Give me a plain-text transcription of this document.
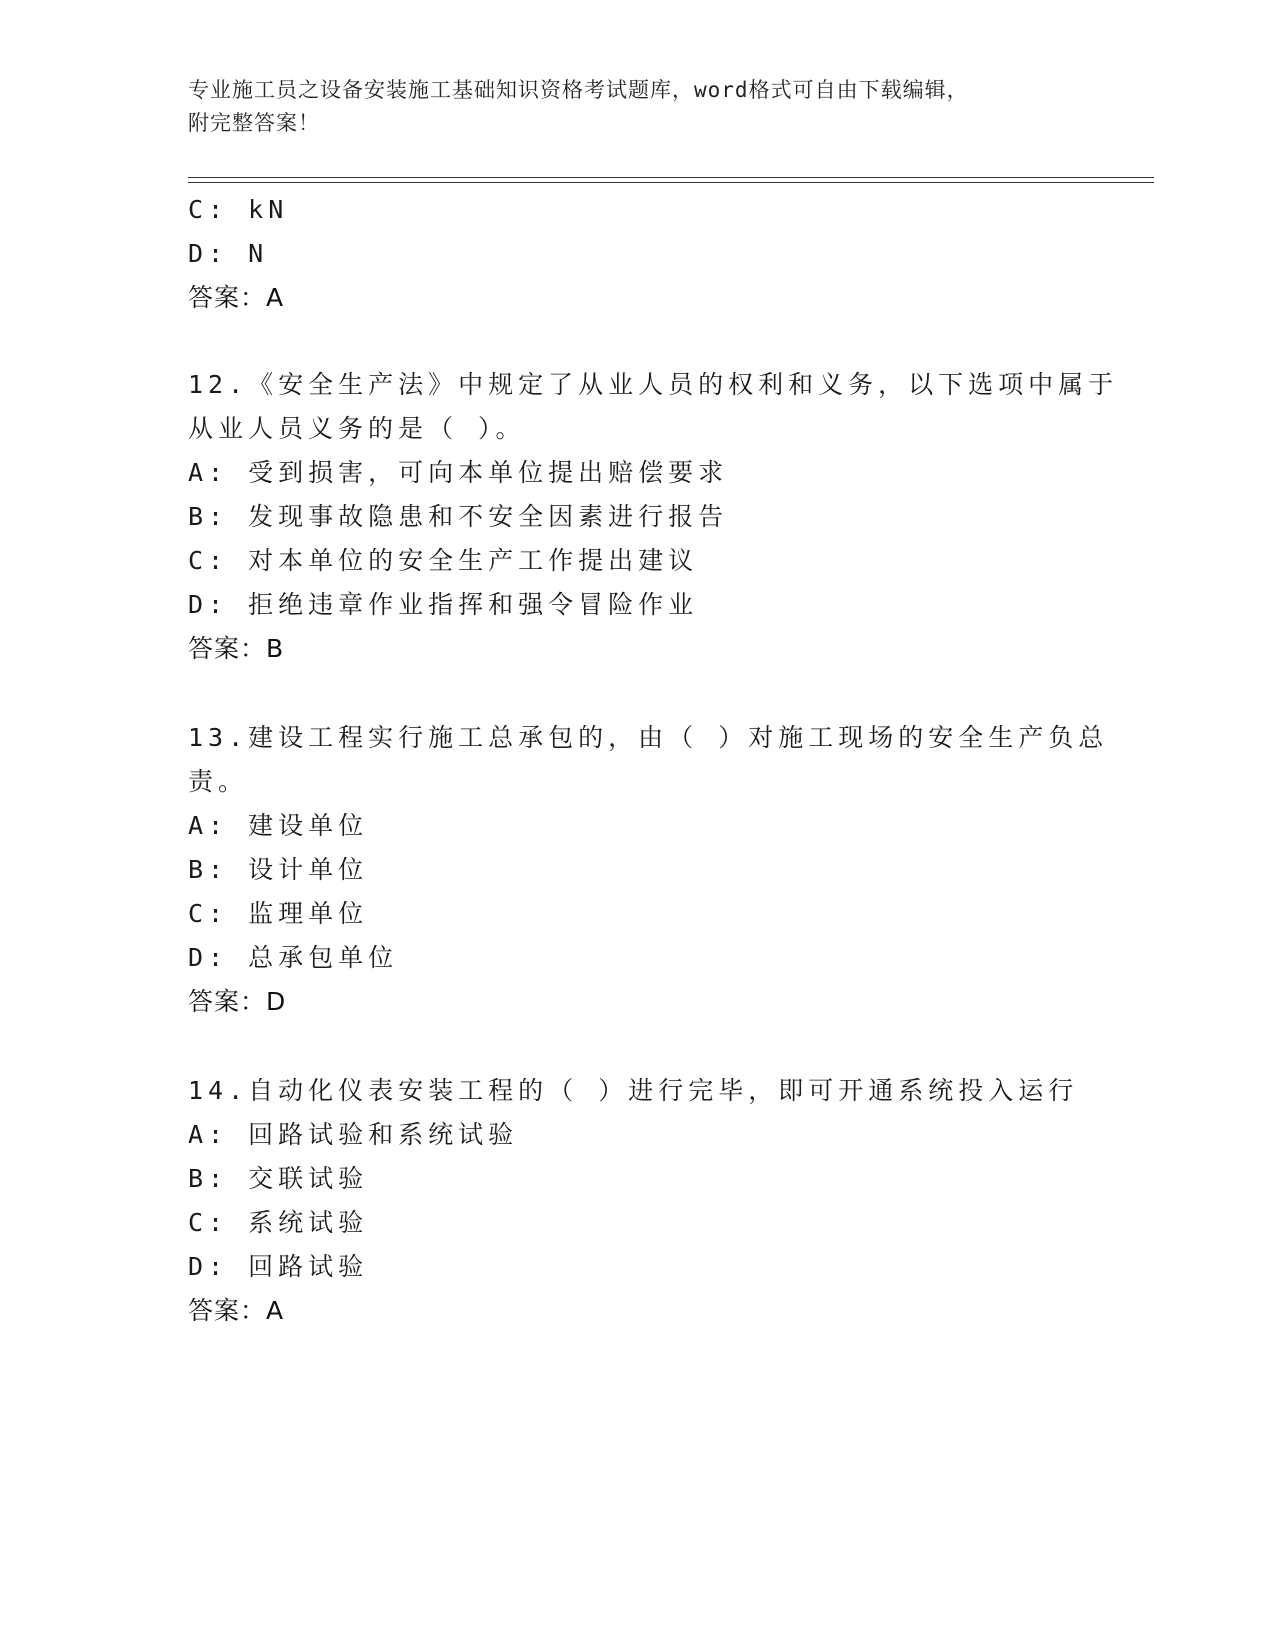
专业施工员之设备安装施工基础知识资格考试题库，word格式可自由下载编辑，
附完整答案！
C: kN
D: N
答案：A
12.《安全生产法》中规定了从业人员的权利和义务，以下选项中属于
从业人员义务的是（ ）。
A: 受到损害，可向本单位提出赔偿要求
B: 发现事故隐患和不安全因素进行报告
C: 对本单位的安全生产工作提出建议
D: 拒绝违章作业指挥和强令冒险作业
答案：B
13.建设工程实行施工总承包的，由（ ）对施工现场的安全生产负总
责。
A: 建设单位
B: 设计单位
C: 监理单位
D: 总承包单位
答案：D
14.自动化仪表安装工程的（ ）进行完毕，即可开通系统投入运行
A: 回路试验和系统试验
B: 交联试验
C: 系统试验
D: 回路试验
答案：A
